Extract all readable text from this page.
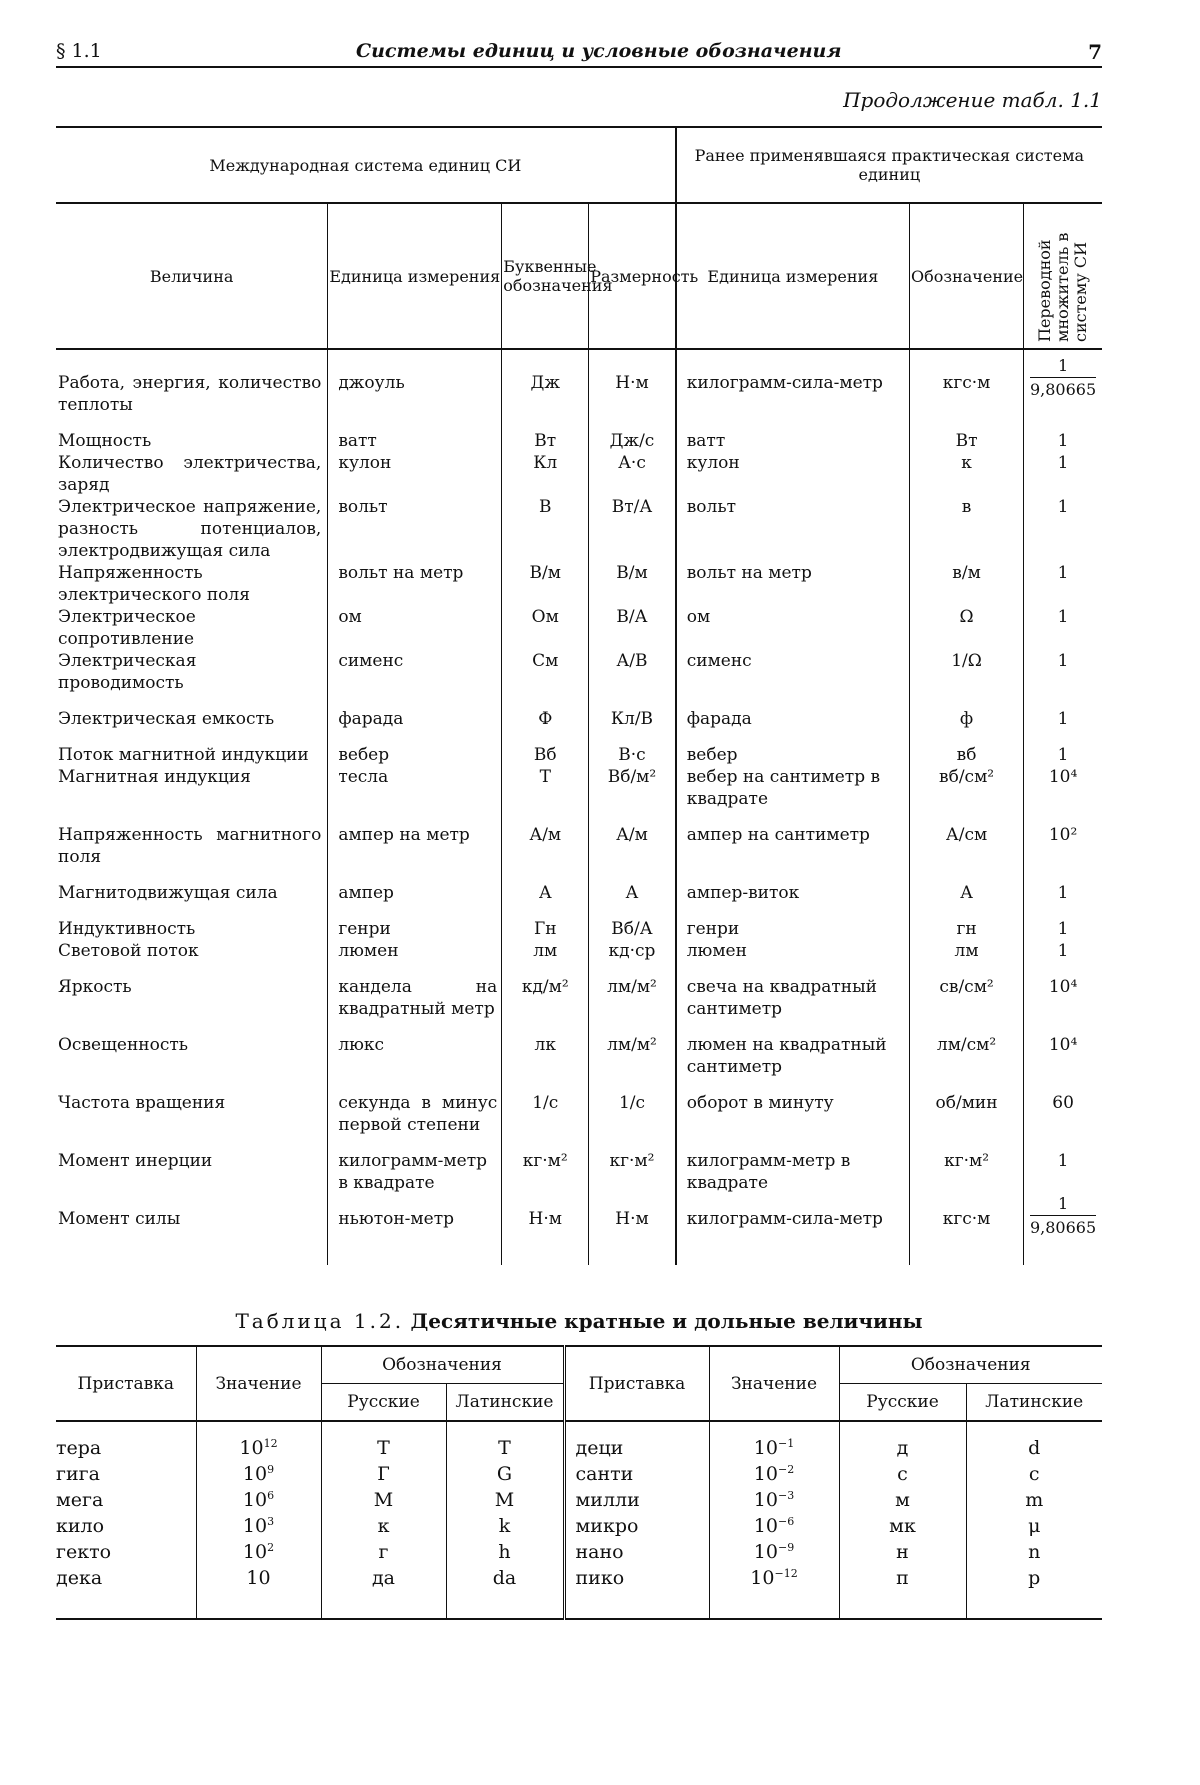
§ 1.1	Системы единиц и условные обозначения	7
Продолжение табл. 1.1
Международная система единиц СИ				Ранее применявшаяся практическая система единиц		
Величина	Единица измерения	Буквенные обозначения	Размерность	Единица измерения	Обозначение	Переводной множитель в систему СИ
Работа, энергия, количество теплоты	джоуль	Дж	Н·м	килограмм-сила-метр	кгс·м	$\frac{1}{9,80665}$

Мощность	ватт	Вт	Дж/с	ватт	Вт	1
Количество электричества, заряд	кулон	Кл	А·с	кулон	к	1
Электрическое напряжение, разность потенциалов, электродвижущая сила	вольт	В	Вт/А	вольт	в	1
Напряженность электрического поля	вольт на метр	В/м	В/м	вольт на метр	в/м	1
Электрическое сопротивление	ом	Ом	В/А	ом	Ω	1
Электрическая проводимость	сименс	См	А/В	сименс	1/Ω	1
Электрическая емкость	фарада	Ф	Кл/В	фарада	ф	1
Поток магнитной индукции	вебер	Вб	В·с	вебер	вб	1
Магнитная индукция	тесла	Т	Вб/м²	вебер на сантиметр в квадрате	вб/см²	10⁴
Напряженность магнитного поля	ампер на метр	А/м	А/м	ампер на сантиметр	А/см	10²
Магнитодвижущая сила	ампер	А	А	ампер-виток	А	1
Индуктивность	генри	Гн	Вб/А	генри	гн	1
Световой поток	люмен	лм	кд·ср	люмен	лм	1
Яркость	кандела на квадратный метр	кд/м²	лм/м²	свеча на квадратный сантиметр	св/см²	10⁴
Освещенность	люкс	лк	лм/м²	люмен на квадратный сантиметр	лм/см²	10⁴
Частота вращения	секунда в минус первой степени	1/с	1/с	оборот в минуту	об/мин	60
Момент инерции	килограмм-метр в квадрате	кг·м²	кг·м²	килограмм-метр в квадрате	кг·м²	1
Момент силы	ньютон-метр	Н·м	Н·м	килограмм-сила-метр	кгс·м	$\frac{1}{9,80665}$
Таблица 1.2. Десятичные кратные и дольные величины
Приставка	Значение	Обозначения		Приставка	Значение	Обозначения	
		Русские	Латинские			Русские	Латинские
тера	$10^{12}$	Т	T	деци	$10^{-1}$	д	d
гига	$10^9$	Г	G	санти	$10^{-2}$	с	c
мега	$10^6$	М	M	милли	$10^{-3}$	м	m
кило	$10^3$	к	k	микро	$10^{-6}$	мк	μ
гекто	$10^2$	г	h	нано	$10^{-9}$	н	n
дека	10	да	da	пико	$10^{-12}$	п	p
